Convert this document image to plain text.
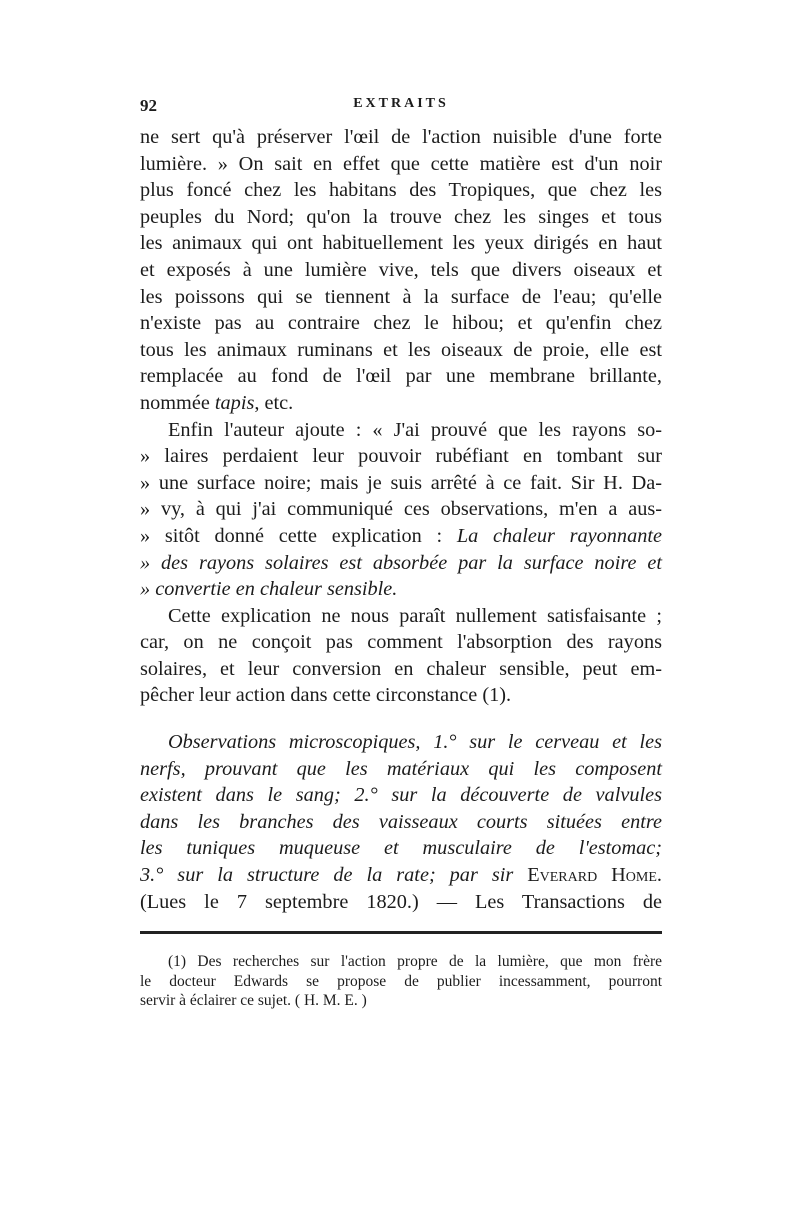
92	EXTRAITS
ne sert qu'à préserver l'œil de l'action nuisible d'une forte
lumière. » On sait en effet que cette matière est d'un noir
plus foncé chez les habitans des Tropiques, que chez les
peuples du Nord; qu'on la trouve chez les singes et tous
les animaux qui ont habituellement les yeux dirigés en haut
et exposés à une lumière vive, tels que divers oiseaux et
les poissons qui se tiennent à la surface de l'eau; qu'elle
n'existe pas au contraire chez le hibou; et qu'enfin chez
tous les animaux ruminans et les oiseaux de proie, elle est
remplacée au fond de l'œil par une membrane brillante,
nommée tapis, etc.
Enfin l'auteur ajoute : « J'ai prouvé que les rayons so-
» laires perdaient leur pouvoir rubéfiant en tombant sur
» une surface noire; mais je suis arrêté à ce fait. Sir H. Da-
» vy, à qui j'ai communiqué ces observations, m'en a aus-
» sitôt donné cette explication : La chaleur rayonnante
» des rayons solaires est absorbée par la surface noire et
» convertie en chaleur sensible.
Cette explication ne nous paraît nullement satisfaisante ;
car, on ne conçoit pas comment l'absorption des rayons
solaires, et leur conversion en chaleur sensible, peut em-
pêcher leur action dans cette circonstance (1).
Observations microscopiques, 1.° sur le cerveau et les
nerfs, prouvant que les matériaux qui les composent
existent dans le sang; 2.° sur la découverte de valvules
dans les branches des vaisseaux courts situées entre
les tuniques muqueuse et musculaire de l'estomac;
3.° sur la structure de la rate; par sir Everard Home.
(Lues le 7 septembre 1820.) — Les Transactions de
(1) Des recherches sur l'action propre de la lumière, que mon frère
le docteur Edwards se propose de publier incessamment, pourront
servir à éclairer ce sujet. ( H. M. E. )
